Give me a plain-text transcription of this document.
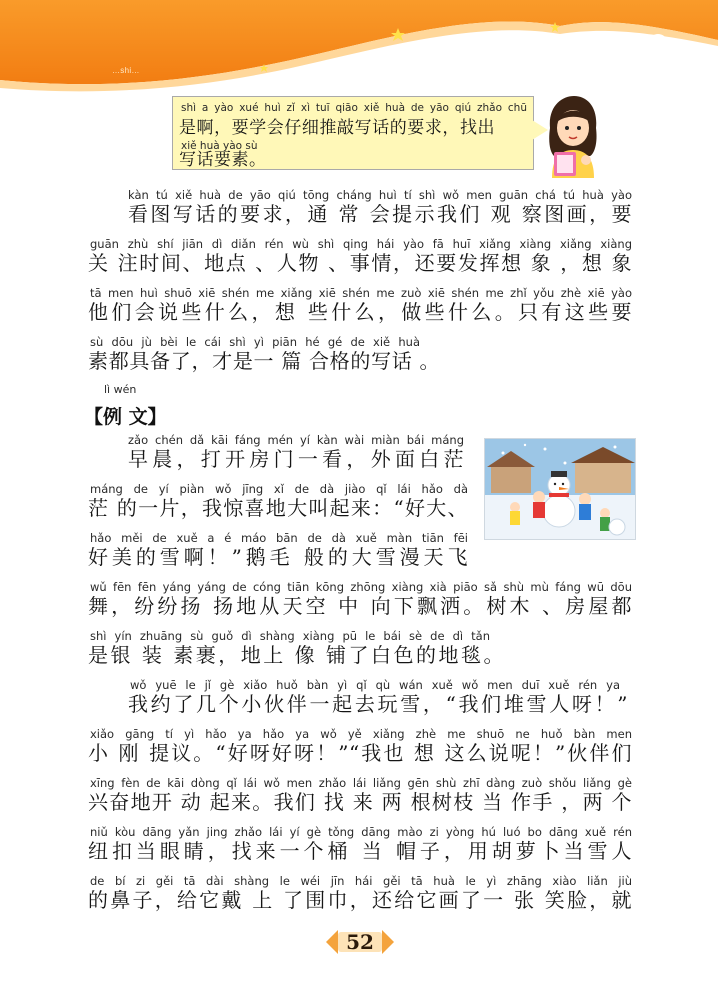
…shi…
shì a yào xué huì zǐ xì tuī qiāo xiě huà de yāo qiú zhǎo chū
是啊，要学会仔细推敲写话的要求，找出
xiě huà yào sù
写话要素。
kàn tú xiě huà de yāo qiú tōng cháng huì tí shì wǒ men guān chá tú huà yào
看图写话的要求，通 常 会提示我们 观 察图画，要
guān zhù shí jiān dì diǎn rén wù shì qing hái yào fā huī xiǎng xiàng xiǎng xiàng
关 注时间、地点 、人物 、事情，还要发挥想 象 ，想 象
tā men huì shuō xiē shén me xiǎng xiē shén me zuò xiē shén me zhǐ yǒu zhè xiē yào
他们会说些什么，想 些什么，做些什么。只有这些要
sù dōu jù bèi le cái shì yì piān hé gé de xiě huà
素都具备了，才是一 篇 合格的写话 。
lì wén
【例 文】
zǎo chén dǎ kāi fáng mén yí kàn wài miàn bái máng
早晨，打开房门一看，外面白茫
máng de yí piàn wǒ jīng xǐ de dà jiào qǐ lái hǎo dà
茫 的一片，我惊喜地大叫起来：“好大、
hǎo měi de xuě a é máo bān de dà xuě màn tiān fēi
好美的雪啊！”鹅毛 般的大雪漫天飞
wǔ fēn fēn yáng yáng de cóng tiān kōng zhōng xiàng xià piāo sǎ shù mù fáng wū dōu
舞，纷纷扬 扬地从天空 中 向下飘洒。树木 、房屋都
shì yín zhuāng sù guǒ dì shàng xiàng pū le bái sè de dì tǎn
是银 装 素裹，地上 像 铺了白色的地毯。
wǒ yuē le jǐ gè xiǎo huǒ bàn yì qǐ qù wán xuě wǒ men duī xuě rén ya
我约了几个小伙伴一起去玩雪，“我们堆雪人呀！”
xiǎo gāng tí yì hǎo ya hǎo ya wǒ yě xiǎng zhè me shuō ne huǒ bàn men
小 刚 提议。“好呀好呀！”“我也 想 这么说呢！”伙伴们
xīng fèn de kāi dòng qǐ lái wǒ men zhǎo lái liǎng gēn shù zhī dàng zuò shǒu liǎng gè
兴奋地开 动 起来。我们 找 来 两 根树枝 当 作手 ，两 个
niǔ kòu dāng yǎn jing zhǎo lái yí gè tǒng dāng mào zi yòng hú luó bo dāng xuě rén
纽扣当眼睛，找来一个桶 当 帽子，用胡萝卜当雪人
de bí zi gěi tā dài shàng le wéi jīn hái gěi tā huà le yì zhāng xiào liǎn jiù
的鼻子，给它戴 上 了围巾，还给它画了一 张 笑脸，就
52
